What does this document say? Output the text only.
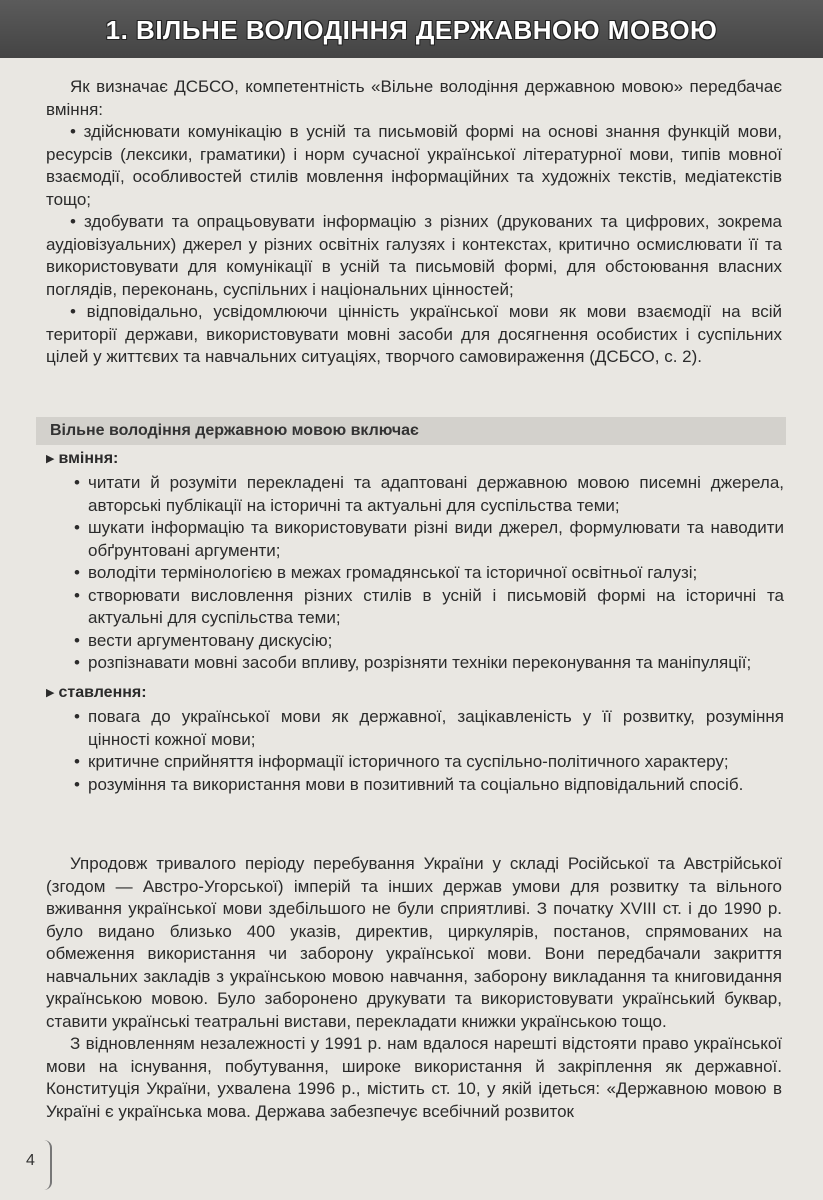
1. ВІЛЬНЕ ВОЛОДІННЯ ДЕРЖАВНОЮ МОВОЮ

Як визначає ДСБСО, компетентність «Вільне володіння державною мовою» передбачає вміння:

• здійснювати комунікацію в усній та письмовій формі на основі знання функцій мови, ресурсів (лексики, граматики) і норм сучасної української літературної мови, типів мовної взаємодії, особливостей стилів мовлення інформаційних та художніх текстів, медіатекстів тощо;

• здобувати та опрацьовувати інформацію з різних (друкованих та цифрових, зокрема аудіовізуальних) джерел у різних освітніх галузях і контекстах, критично осмислювати її та використовувати для комунікації в усній та письмовій формі, для обстоювання власних поглядів, переконань, суспільних і національних цінностей;

• відповідально, усвідомлюючи цінність української мови як мови взаємодії на всій території держави, використовувати мовні засоби для досягнення особистих і суспільних цілей у життєвих та навчальних ситуаціях, творчого самовираження (ДСБСО, с. 2).

Вільне володіння державною мовою включає
▶ вміння:
• читати й розуміти перекладені та адаптовані державною мовою писемні джерела, авторські публікації на історичні та актуальні для суспільства теми;
• шукати інформацію та використовувати різні види джерел, формулювати та наводити обґрунтовані аргументи;
• володіти термінологією в межах громадянської та історичної освітньої галузі;
• створювати висловлення різних стилів в усній і письмовій формі на історичні та актуальні для суспільства теми;
• вести аргументовану дискусію;
• розпізнавати мовні засоби впливу, розрізняти техніки переконування та маніпуляції;
▶ ставлення:
• повага до української мови як державної, зацікавленість у її розвитку, розуміння цінності кожної мови;
• критичне сприйняття інформації історичного та суспільно-політичного характеру;
• розуміння та використання мови в позитивний та соціально відповідальний спосіб.

Упродовж тривалого періоду перебування України у складі Російської та Австрійської (згодом — Австро-Угорської) імперій та інших держав умови для розвитку та вільного вживання української мови здебільшого не були сприятливі. З початку XVIII ст. і до 1990 р. було видано близько 400 указів, директив, циркулярів, постанов, спрямованих на обмеження використання чи заборону української мови. Вони передбачали закриття навчальних закладів з українською мовою навчання, заборону викладання та книговидання українською мовою. Було заборонено друкувати та використовувати український буквар, ставити українські театральні вистави, перекладати книжки українською тощо.

З відновленням незалежності у 1991 р. нам вдалося нарешті відстояти право української мови на існування, побутування, широке використання й закріплення як державної. Конституція України, ухвалена 1996 р., містить ст. 10, у якій ідеться: «Державною мовою в Україні є українська мова. Держава забезпечує всебічний розвиток

4
